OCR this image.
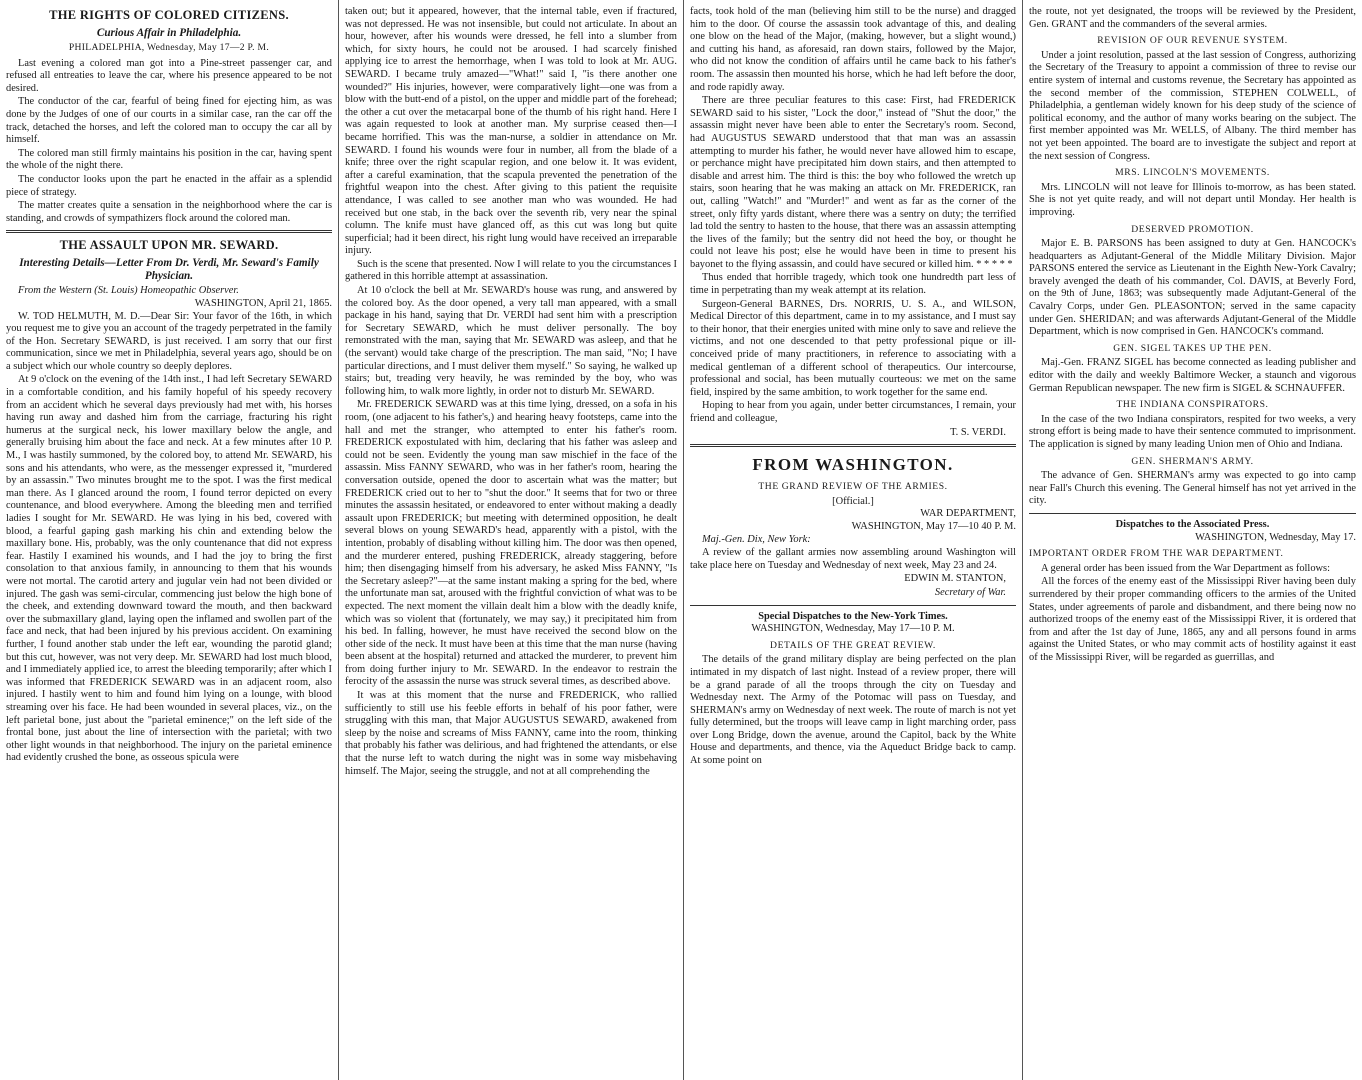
THE RIGHTS OF COLORED CITIZENS.
Curious Affair in Philadelphia.
PHILADELPHIA, Wednesday, May 17—2 P. M.

Last evening a colored man got into a Pine-street passenger car, and refused all entreaties to leave the car, where his presence appeared to be not desired.

The conductor of the car, fearful of being fined for ejecting him, as was done by the Judges of one of our courts in a similar case, ran the car off the track, detached the horses, and left the colored man to occupy the car all by himself.

The colored man still firmly maintains his position in the car, having spent the whole of the night there.

The conductor looks upon the part he enacted in the affair as a splendid piece of strategy.

The matter creates quite a sensation in the neighborhood where the car is standing, and crowds of sympathizers flock around the colored man.

THE ASSAULT UPON MR. SEWARD.
Interesting Details—Letter From Dr. Verdi, Mr. Seward's Family Physician.

From the Western (St. Louis) Homeopathic Observer.

WASHINGTON, April 21, 1865.

W. TOD HELMUTH, M. D.—Dear Sir: Your favor of the 16th, in which you request me to give you an account of the tragedy perpetrated in the family of the Hon. Secretary SEWARD, is just received. I am sorry that our first communication, since we met in Philadelphia, several years ago, should be on a subject which our whole country so deeply deplores.

At 9 o'clock on the evening of the 14th inst., I had left Secretary SEWARD in a comfortable condition, and his family hopeful of his speedy recovery from an accident which he several days previously had met with, his horses having run away and dashed him from the carriage, fracturing his right humerus at the surgical neck, his lower maxillary below the angle, and generally bruising him about the face and neck. At a few minutes after 10 P. M., I was hastily summoned, by the colored boy, to attend Mr. SEWARD, his sons and his attendants, who were, as the messenger expressed it, "murdered by an assassin." Two minutes brought me to the spot. I was the first medical man there. As I glanced around the room, I found terror depicted on every countenance, and blood everywhere. Among the bleeding men and terrified ladies I sought for Mr. SEWARD. He was lying in his bed, covered with blood, a fearful gaping gash marking his chin and extending below the maxillary bone. His, probably, was the only countenance that did not express fear. Hastily I examined his wounds, and I had the joy to bring the first consolation to that anxious family, in announcing to them that his wounds were not mortal. The carotid artery and jugular vein had not been divided or injured. The gash was semi-circular, commencing just below the high bone of the cheek, and extending downward toward the mouth, and then backward over the submaxillary gland, laying open the inflamed and swollen part of the face and neck, that had been injured by his previous accident. On examining further, I found another stab under the left ear, wounding the parotid gland; but this cut, however, was not very deep. Mr. SEWARD had lost much blood, and I immediately applied ice, to arrest the bleeding temporarily; after which I was informed that FREDERICK SEWARD was in an adjacent room, also injured. I hastily went to him and found him lying on a lounge, with blood streaming over his face. He had been wounded in several places, viz., on the left parietal bone, just about the "parietal eminence;" on the left side of the frontal bone, just about the line of intersection with the parietal; with two other light wounds in that neighborhood. The injury on the parietal eminence had evidently crushed the bone, as osseous spicula were

taken out; but it appeared, however, that the internal table, even if fractured, was not depressed. He was not insensible, but could not articulate. In about an hour, however, after his wounds were dressed, he fell into a slumber from which, for sixty hours, he could not be aroused. I had scarcely finished applying ice to arrest the hemorrhage, when I was told to look at Mr. AUG. SEWARD. I became truly amazed—"What!" said I, "is there another one wounded?" His injuries, however, were comparatively light—one was from a blow with the butt-end of a pistol, on the upper and middle part of the forehead; the other a cut over the metacarpal bone of the thumb of his right hand. Here I was again requested to look at another man. My surprise ceased then—I became horrified. This was the man-nurse, a soldier in attendance on Mr. SEWARD. I found his wounds were four in number, all from the blade of a knife; three over the right scapular region, and one below it. It was evident, after a careful examination, that the scapula prevented the penetration of the frightful weapon into the chest. After giving to this patient the requisite attendance, I was called to see another man who was wounded. He had received but one stab, in the back over the seventh rib, very near the spinal column. The knife must have glanced off, as this cut was long but quite superficial; had it been direct, his right lung would have received an irreparable injury.

Such is the scene that presented. Now I will relate to you the circumstances I gathered in this horrible attempt at assassination.

At 10 o'clock the bell at Mr. SEWARD's house was rung, and answered by the colored boy. As the door opened, a very tall man appeared, with a small package in his hand, saying that Dr. VERDI had sent him with a prescription for Secretary SEWARD, which he must deliver personally. The boy remonstrated with the man, saying that Mr. SEWARD was asleep, and that he (the servant) would take charge of the prescription. The man said, "No; I have particular directions, and I must deliver them myself." So saying, he walked up stairs; but, treading very heavily, he was reminded by the boy, who was following him, to walk more lightly, in order not to disturb Mr. SEWARD.

Mr. FREDERICK SEWARD was at this time lying, dressed, on a sofa in his room, (one adjacent to his father's,) and hearing heavy footsteps, came into the hall and met the stranger, who attempted to enter his father's room. FREDERICK expostulated with him, declaring that his father was asleep and could not be seen. Evidently the young man saw mischief in the face of the assassin. Miss FANNY SEWARD, who was in her father's room, hearing the conversation outside, opened the door to ascertain what was the matter; but FREDERICK cried out to her to "shut the door." It seems that for two or three minutes the assassin hesitated, or endeavored to enter without making a deadly assault upon FREDERICK; but meeting with determined opposition, he dealt several blows on young SEWARD's head, apparently with a pistol, with the intention, probably of disabling without killing him. The door was then opened, and the murderer entered, pushing FREDERICK, already staggering, before him; then disengaging himself from his adversary, he asked Miss FANNY, "Is the Secretary asleep?"—at the same instant making a spring for the bed, where the unfortunate man sat, aroused with the frightful conviction of what was to be expected. The next moment the villain dealt him a blow with the deadly knife, which was so violent that (fortunately, we may say,) it precipitated him from his bed. In falling, however, he must have received the second blow on the other side of the neck. It must have been at this time that the man nurse (having been absent at the hospital) returned and attacked the murderer, to prevent him from doing further injury to Mr. SEWARD. In the endeavor to restrain the ferocity of the assassin the nurse was struck several times, as described above.

It was at this moment that the nurse and FREDERICK, who rallied sufficiently to still use his feeble efforts in behalf of his poor father, were struggling with this man, that Major AUGUSTUS SEWARD, awakened from sleep by the noise and screams of Miss FANNY, came into the room, thinking that probably his father was delirious, and had frightened the attendants, or else that the nurse left to watch during the night was in some way misbehaving himself. The Major, seeing the struggle, and not at all comprehending the

facts, took hold of the man (believing him still to be the nurse) and dragged him to the door. Of course the assassin took advantage of this, and dealing one blow on the head of the Major, (making, however, but a slight wound,) and cutting his hand, as aforesaid, ran down stairs, followed by the Major, who did not know the condition of affairs until he came back to his father's room. The assassin then mounted his horse, which he had left before the door, and rode rapidly away.

There are three peculiar features to this case: First, had FREDERICK SEWARD said to his sister, "Lock the door," instead of "Shut the door," the assassin might never have been able to enter the Secretary's room. Second, had AUGUSTUS SEWARD understood that that man was an assassin attempting to murder his father, he would never have allowed him to escape, or perchance might have precipitated him down stairs, and then attempted to disable and arrest him. The third is this: the boy who followed the wretch up stairs, soon hearing that he was making an attack on Mr. FREDERICK, ran out, calling "Watch!" and "Murder!" and went as far as the corner of the street, only fifty yards distant, where there was a sentry on duty; the terrified lad told the sentry to hasten to the house, that there was an assassin attempting the lives of the family; but the sentry did not heed the boy, or thought he could not leave his post; else he would have been in time to present his bayonet to the flying assassin, and could have secured or killed him. * * * * *

Thus ended that horrible tragedy, which took one hundredth part less of time in perpetrating than my weak attempt at its relation.

Surgeon-General BARNES, Drs. NORRIS, U. S. A., and WILSON, Medical Director of this department, came in to my assistance, and I must say to their honor, that their energies united with mine only to save and relieve the victims, and not one descended to that petty professional pique or ill-conceived pride of many practitioners, in reference to associating with a medical gentleman of a different school of therapeutics. Our intercourse, professional and social, has been mutually courteous: we met on the same field, inspired by the same ambition, to work together for the same end.

Hoping to hear from you again, under better circumstances, I remain, your friend and colleague,

T. S. VERDI.

FROM WASHINGTON.
THE GRAND REVIEW OF THE ARMIES.
[Official.]
WAR DEPARTMENT,
WASHINGTON, May 17—10 40 P. M.

Maj.-Gen. Dix, New York:

A review of the gallant armies now assembling around Washington will take place here on Tuesday and Wednesday of next week, May 23 and 24.

EDWIN M. STANTON,

Secretary of War.

Special Dispatches to the New-York Times.
WASHINGTON, Wednesday, May 17—10 P. M.
DETAILS OF THE GREAT REVIEW.

The details of the grand military display are being perfected on the plan intimated in my dispatch of last night. Instead of a review proper, there will be a grand parade of all the troops through the city on Tuesday and Wednesday next. The Army of the Potomac will pass on Tuesday, and SHERMAN's army on Wednesday of next week. The route of march is not yet fully determined, but the troops will leave camp in light marching order, pass over Long Bridge, down the avenue, around the Capitol, back by the White House and departments, and thence, via the Aqueduct Bridge back to camp. At some point on

the route, not yet designated, the troops will be reviewed by the President, Gen. GRANT and the commanders of the several armies.

REVISION OF OUR REVENUE SYSTEM.

Under a joint resolution, passed at the last session of Congress, authorizing the Secretary of the Treasury to appoint a commission of three to revise our entire system of internal and customs revenue, the Secretary has appointed as the second member of the commission, STEPHEN COLWELL, of Philadelphia, a gentleman widely known for his deep study of the science of political economy, and the author of many works bearing on the subject. The first member appointed was Mr. WELLS, of Albany. The third member has not yet been appointed. The board are to investigate the subject and report at the next session of Congress.

MRS. LINCOLN'S MOVEMENTS.

Mrs. LINCOLN will not leave for Illinois to-morrow, as has been stated. She is not yet quite ready, and will not depart until Monday. Her health is improving.

DESERVED PROMOTION.

Major E. B. PARSONS has been assigned to duty at Gen. HANCOCK's headquarters as Adjutant-General of the Middle Military Division. Major PARSONS entered the service as Lieutenant in the Eighth New-York Cavalry; bravely avenged the death of his commander, Col. DAVIS, at Beverly Ford, on the 9th of June, 1863; was subsequently made Adjutant-General of the Cavalry Corps, under Gen. PLEASONTON; served in the same capacity under Gen. SHERIDAN; and was afterwards Adjutant-General of the Middle Department, which is now comprised in Gen. HANCOCK's command.

GEN. SIGEL TAKES UP THE PEN.

Maj.-Gen. FRANZ SIGEL has become connected as leading publisher and editor with the daily and weekly Baltimore Wecker, a staunch and vigorous German Republican newspaper. The new firm is SIGEL & SCHNAUFFER.

THE INDIANA CONSPIRATORS.

In the case of the two Indiana conspirators, respited for two weeks, a very strong effort is being made to have their sentence commuted to imprisonment. The application is signed by many leading Union men of Ohio and Indiana.

GEN. SHERMAN'S ARMY.

The advance of Gen. SHERMAN's army was expected to go into camp near Fall's Church this evening. The General himself has not yet arrived in the city.

Dispatches to the Associated Press.
WASHINGTON, Wednesday, May 17.
IMPORTANT ORDER FROM THE WAR DEPARTMENT.

A general order has been issued from the War Department as follows:

All the forces of the enemy east of the Mississippi River having been duly surrendered by their proper commanding officers to the armies of the United States, under agreements of parole and disbandment, and there being now no authorized troops of the enemy east of the Mississippi River, it is ordered that from and after the 1st day of June, 1865, any and all persons found in arms against the United States, or who may commit acts of hostility against it east of the Mississippi River, will be regarded as guerrillas, and
